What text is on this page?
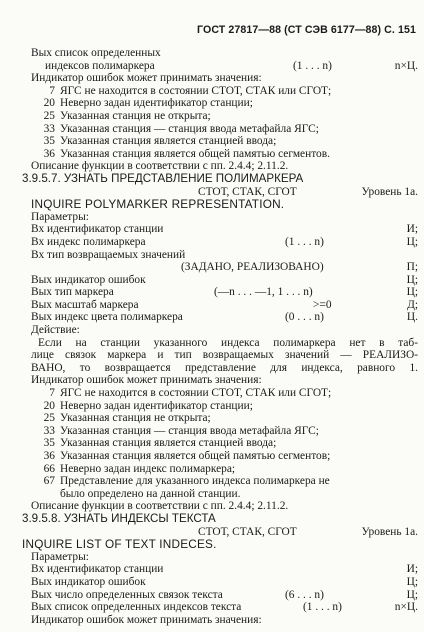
ГОСТ 27817—88 (СТ СЭВ 6177—88) С. 151
Вых список определенных
индексов полимаркера	(1 . . . n)	n×Ц.
Индикатор ошибок может принимать значения:
7 ЯГС не находится в состоянии СТОТ, СТАК или СГОТ;
20 Неверно задан идентификатор станции;
25 Указанная станция не открыта;
33 Указанная станция — станция ввода метафайла ЯГС;
35 Указанная станция является станцией ввода;
36 Указанная станция является общей памятью сегментов.
Описание функции в соответствии с пп. 2.4.4; 2.11.2.
3.9.5.7. УЗНАТЬ ПРЕДСТАВЛЕНИЕ ПОЛИМАРКЕРА
СТОТ, СТАК, СГОТ	Уровень 1а.
INQUIRE POLYMARKER REPRESENTATION.
Параметры:
Вх идентификатор станции	И;
Вх индекс полимаркера	(1 . . . n)	Ц;
Вх тип возвращаемых значений
(ЗАДАНО, РЕАЛИЗОВАНО)	П;
Вых индикатор ошибок	Ц;
Вых тип маркера	(—n . . . —1, 1 . . . n)	Ц;
Вых масштаб маркера	>=0	Д;
Вых индекс цвета полимаркера	(0 . . . n)	Ц.
Действие:
Если на станции указанного индекса полимаркера нет в таб-
лице связок маркера и тип возвращаемых значений — РЕАЛИЗО-
ВАНО, то возвращается представление для индекса, равного 1.
Индикатор ошибок может принимать значения:
7 ЯГС не находится в состоянии СТОТ, СТАК или СГОТ;
20 Неверно задан идентификатор станции;
25 Указанная станция не открыта;
33 Указанная станция — станция ввода метафайла ЯГС;
35 Указанная станция является станцией ввода;
36 Указанная станция является общей памятью сегментов;
66 Неверно задан индекс полимаркера;
67 Представление для указанного индекса полимаркера не
было определено на данной станции.
Описание функции в соответствии с пп. 2.4.4; 2.11.2.
3.9.5.8. УЗНАТЬ ИНДЕКСЫ ТЕКСТА
СТОТ, СТАК, СГОТ	Уровень 1а.
INQUIRE LIST OF TEXT INDECES.
Параметры:
Вх идентификатор станции	И;
Вых индикатор ошибок	Ц;
Вых число определенных связок текста	(6 . . . n)	Ц;
Вых список определенных индексов текста	(1 . . . n)	n×Ц.
Индикатор ошибок может принимать значения:
